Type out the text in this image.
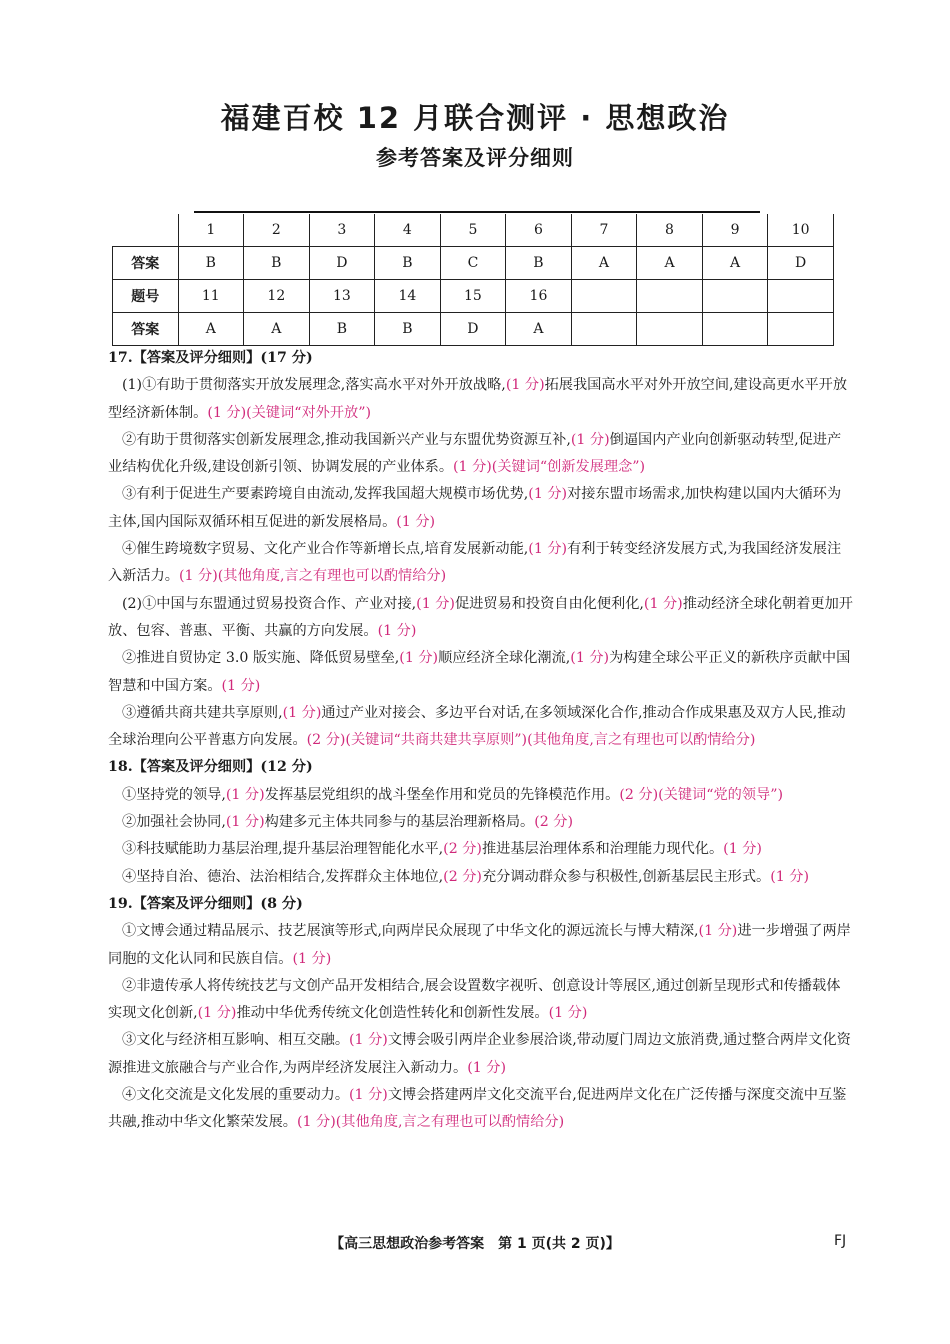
福建百校 12 月联合测评 · 思想政治
参考答案及评分细则
	1	2	3	4	5	6	7	8	9	10
答案	B	B	D	B	C	B	A	A	A	D
题号	11	12	13	14	15	16				
答案	A	A	B	B	D	A				

17.【答案及评分细则】(17 分)

(1)①有助于贯彻落实开放发展理念,落实高水平对外开放战略,(1 分)拓展我国高水平对外开放空间,建设高更水平开放型经济新体制。(1 分)(关键词“对外开放”)

②有助于贯彻落实创新发展理念,推动我国新兴产业与东盟优势资源互补,(1 分)倒逼国内产业向创新驱动转型,促进产业结构优化升级,建设创新引领、协调发展的产业体系。(1 分)(关键词“创新发展理念”)

③有利于促进生产要素跨境自由流动,发挥我国超大规模市场优势,(1 分)对接东盟市场需求,加快构建以国内大循环为主体,国内国际双循环相互促进的新发展格局。(1 分)

④催生跨境数字贸易、文化产业合作等新增长点,培育发展新动能,(1 分)有利于转变经济发展方式,为我国经济发展注入新活力。(1 分)(其他角度,言之有理也可以酌情给分)

(2)①中国与东盟通过贸易投资合作、产业对接,(1 分)促进贸易和投资自由化便利化,(1 分)推动经济全球化朝着更加开放、包容、普惠、平衡、共赢的方向发展。(1 分)

②推进自贸协定 3.0 版实施、降低贸易壁垒,(1 分)顺应经济全球化潮流,(1 分)为构建全球公平正义的新秩序贡献中国智慧和中国方案。(1 分)

③遵循共商共建共享原则,(1 分)通过产业对接会、多边平台对话,在多领域深化合作,推动合作成果惠及双方人民,推动全球治理向公平普惠方向发展。(2 分)(关键词“共商共建共享原则”)(其他角度,言之有理也可以酌情给分)

18.【答案及评分细则】(12 分)

①坚持党的领导,(1 分)发挥基层党组织的战斗堡垒作用和党员的先锋模范作用。(2 分)(关键词“党的领导”)

②加强社会协同,(1 分)构建多元主体共同参与的基层治理新格局。(2 分)

③科技赋能助力基层治理,提升基层治理智能化水平,(2 分)推进基层治理体系和治理能力现代化。(1 分)

④坚持自治、德治、法治相结合,发挥群众主体地位,(2 分)充分调动群众参与积极性,创新基层民主形式。(1 分)

19.【答案及评分细则】(8 分)

①文博会通过精品展示、技艺展演等形式,向两岸民众展现了中华文化的源远流长与博大精深,(1 分)进一步增强了两岸同胞的文化认同和民族自信。(1 分)

②非遗传承人将传统技艺与文创产品开发相结合,展会设置数字视听、创意设计等展区,通过创新呈现形式和传播载体实现文化创新,(1 分)推动中华优秀传统文化创造性转化和创新性发展。(1 分)

③文化与经济相互影响、相互交融。(1 分)文博会吸引两岸企业参展洽谈,带动厦门周边文旅消费,通过整合两岸文化资源推进文旅融合与产业合作,为两岸经济发展注入新动力。(1 分)

④文化交流是文化发展的重要动力。(1 分)文博会搭建两岸文化交流平台,促进两岸文化在广泛传播与深度交流中互鉴共融,推动中华文化繁荣发展。(1 分)(其他角度,言之有理也可以酌情给分)

【高三思想政治参考答案　第 1 页(共 2 页)】	FJ
